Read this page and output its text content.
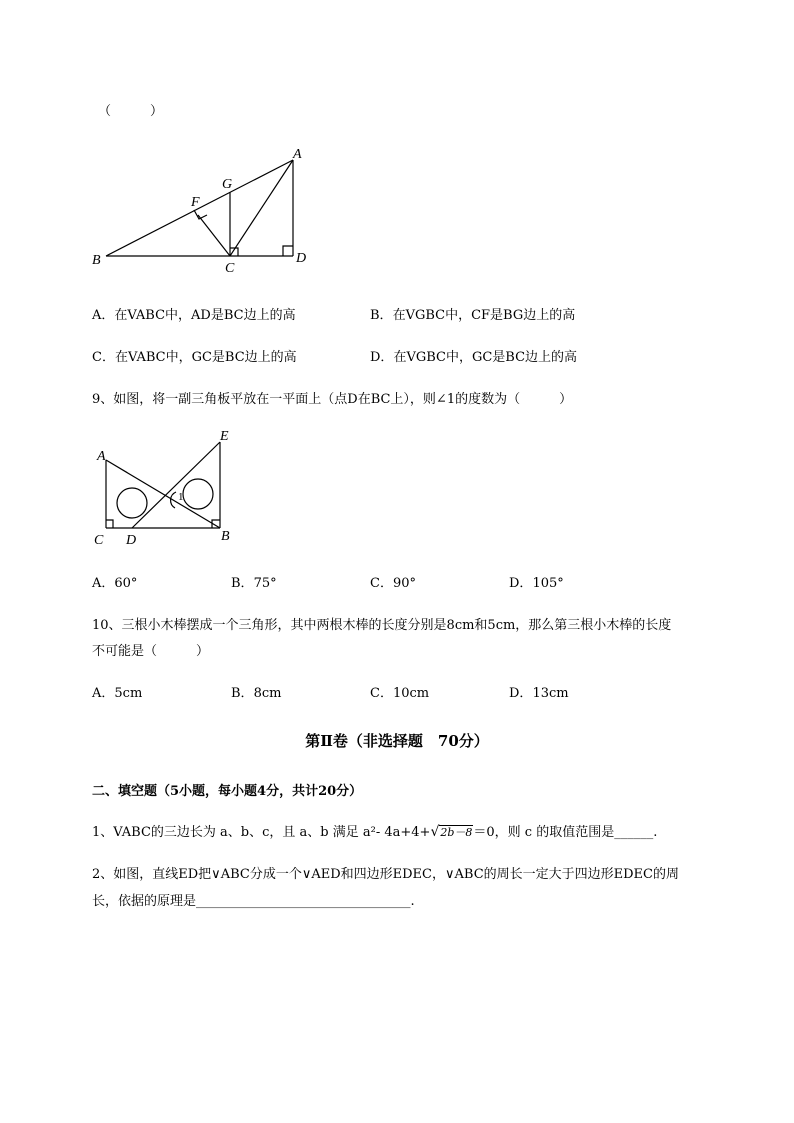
（　　　）
A
B
C
D
F
G
A．在VABC中，AD是BC边上的高	B．在VGBC中，CF是BG边上的高
C．在VABC中，GC是BC边上的高	D．在VGBC中，GC是BC边上的高
9、如图，将一副三角板平放在一平面上（点D在BC上），则∠1的度数为（　　　）
A
C D	B
E
1
A．60°	B．75°	C．90°	D．105°
10、三根小木棒摆成一个三角形，其中两根木棒的长度分别是8cm和5cm，那么第三根小木棒的长度
不可能是（　　　）
A．5cm	B．8cm	C．10cm	D．13cm
第Ⅱ卷（非选择题　70分）
二、填空题（5小题，每小题4分，共计20分）
1、VABC的三边长为 a、b、c，且 a、b 满足 a²- 4a+4+√2b－8＝0，则 c 的取值范围是______.
2、如图，直线ED把∨ABC分成一个∨AED和四边形EDEC，∨ABC的周长一定大于四边形EDEC的周
长，依据的原理是_________________________________.
